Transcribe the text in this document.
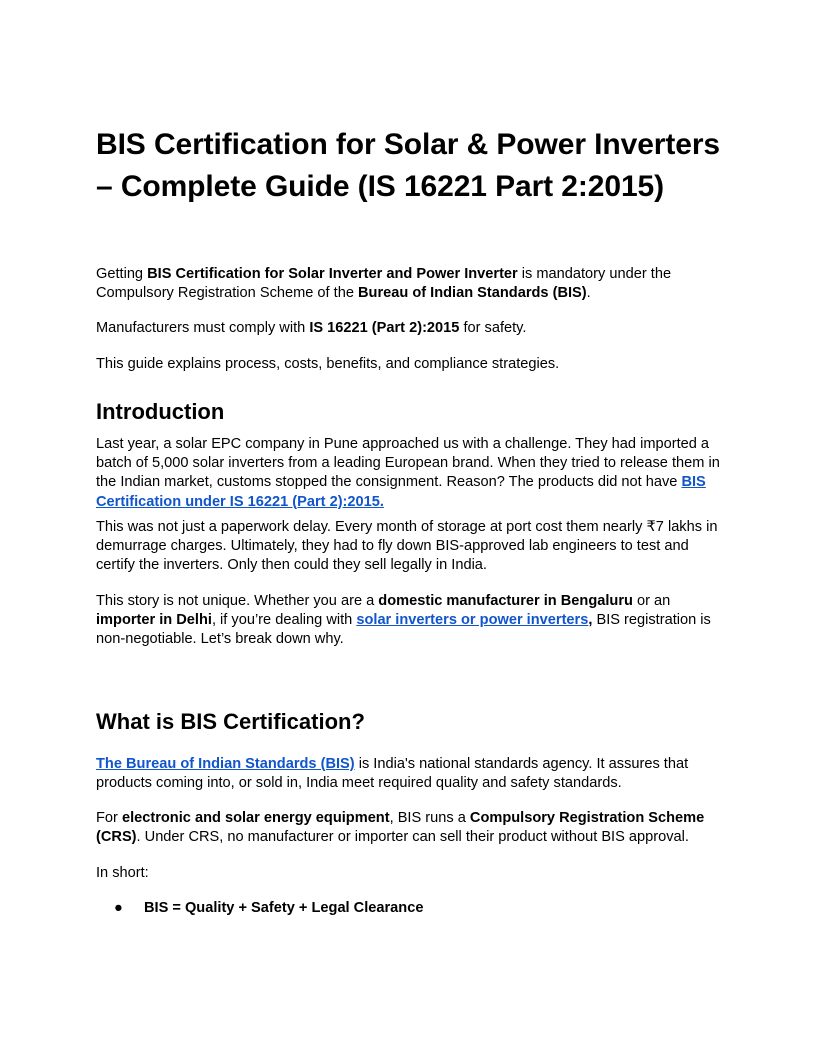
BIS Certification for Solar & Power Inverters – Complete Guide (IS 16221 Part 2:2015)

Getting BIS Certification for Solar Inverter and Power Inverter is mandatory under the Compulsory Registration Scheme of the Bureau of Indian Standards (BIS).

Manufacturers must comply with IS 16221 (Part 2):2015 for safety.

This guide explains process, costs, benefits, and compliance strategies.

Introduction

Last year, a solar EPC company in Pune approached us with a challenge. They had imported a batch of 5,000 solar inverters from a leading European brand. When they tried to release them in the Indian market, customs stopped the consignment. Reason? The products did not have BIS Certification under IS 16221 (Part 2):2015.

This was not just a paperwork delay. Every month of storage at port cost them nearly ₹7 lakhs in demurrage charges. Ultimately, they had to fly down BIS-approved lab engineers to test and certify the inverters. Only then could they sell legally in India.

This story is not unique. Whether you are a domestic manufacturer in Bengaluru or an importer in Delhi, if you’re dealing with solar inverters or power inverters, BIS registration is non-negotiable. Let’s break down why.

What is BIS Certification?

The Bureau of Indian Standards (BIS) is India's national standards agency. It assures that products coming into, or sold in, India meet required quality and safety standards.

For electronic and solar energy equipment, BIS runs a Compulsory Registration Scheme (CRS). Under CRS, no manufacturer or importer can sell their product without BIS approval.

In short:

● BIS = Quality + Safety + Legal Clearance
